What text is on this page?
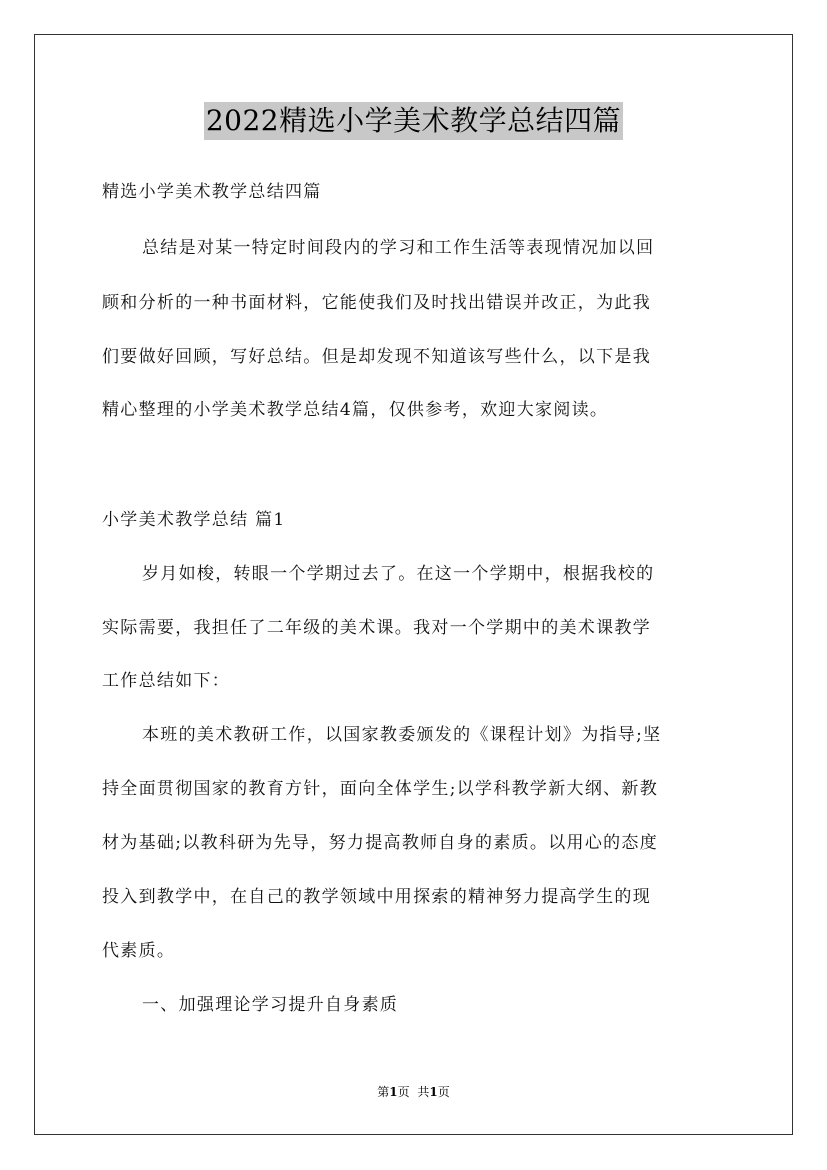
2022精选小学美术教学总结四篇
精选小学美术教学总结四篇
总结是对某一特定时间段内的学习和工作生活等表现情况加以回
顾和分析的一种书面材料，它能使我们及时找出错误并改正，为此我
们要做好回顾，写好总结。但是却发现不知道该写些什么，以下是我
精心整理的小学美术教学总结4篇，仅供参考，欢迎大家阅读。
小学美术教学总结 篇1
岁月如梭，转眼一个学期过去了。在这一个学期中，根据我校的
实际需要，我担任了二年级的美术课。我对一个学期中的美术课教学
工作总结如下：
本班的美术教研工作，以国家教委颁发的《课程计划》为指导;坚
持全面贯彻国家的教育方针，面向全体学生;以学科教学新大纲、新教
材为基础;以教科研为先导，努力提高教师自身的素质。以用心的态度
投入到教学中，在自己的教学领域中用探索的精神努力提高学生的现
代素质。
一、加强理论学习提升自身素质
第1页 共1页
